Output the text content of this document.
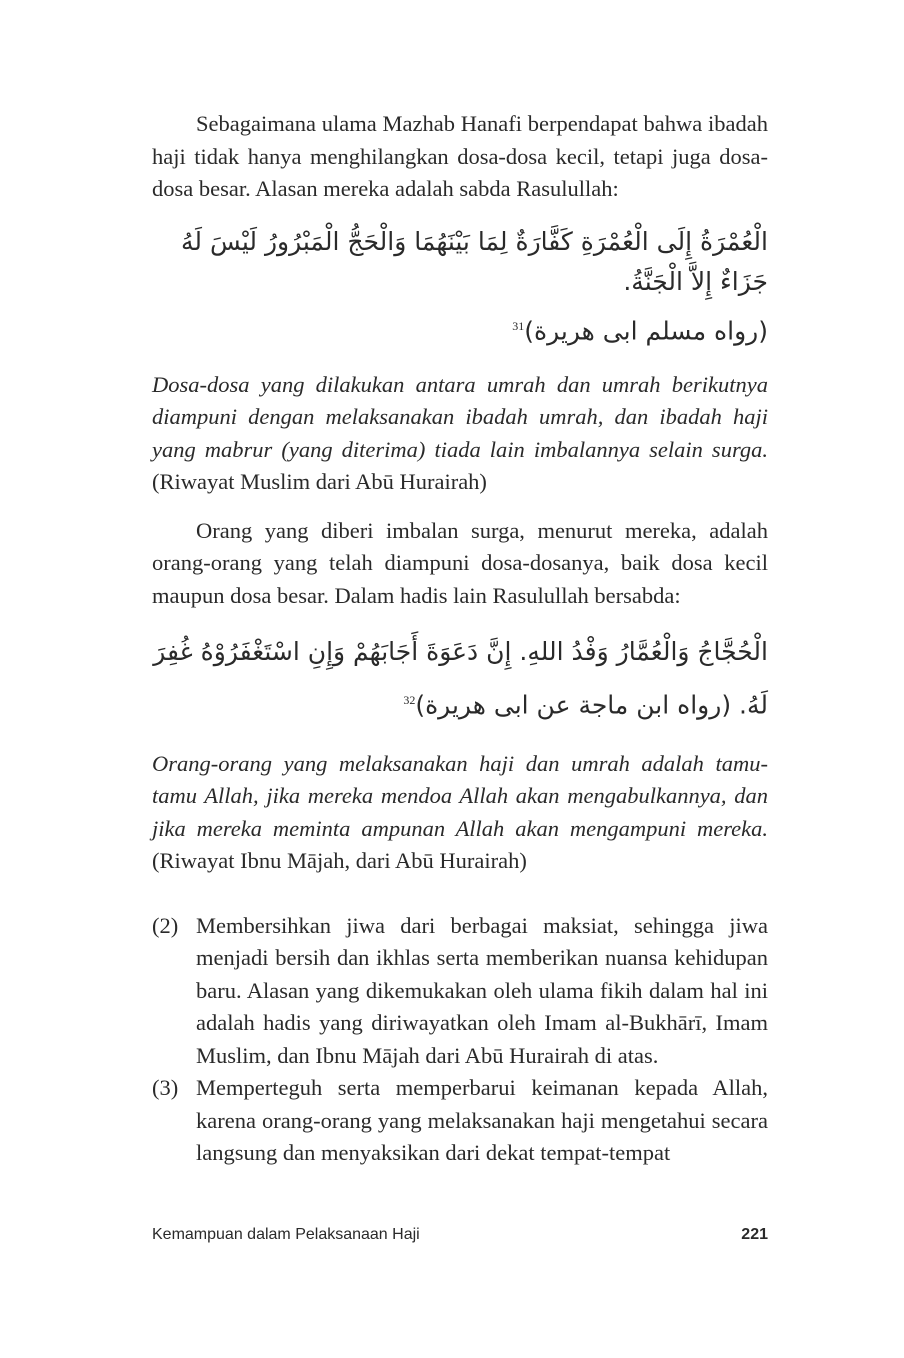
Sebagaimana ulama Mazhab Hanafi berpendapat bahwa ibadah haji tidak hanya menghilangkan dosa-dosa kecil, tetapi juga dosa-dosa besar. Alasan mereka adalah sabda Rasulullah:

الْعُمْرَةُ إِلَى الْعُمْرَةِ كَفَّارَةٌ لِمَا بَيْنَهُمَا وَالْحَجُّ الْمَبْرُورُ لَيْسَ لَهُ جَزَاءٌ إِلاَّ الْجَنَّةُ.

(رواه مسلم ابى هريرة)$^{31}$

Dosa-dosa yang dilakukan antara umrah dan umrah berikutnya diampuni dengan melaksanakan ibadah umrah, dan ibadah haji yang mabrur (yang diterima) tiada lain imbalannya selain surga. (Riwayat Muslim dari Abū Hurairah)

Orang yang diberi imbalan surga, menurut mereka, adalah orang-orang yang telah diampuni dosa-dosanya, baik dosa kecil maupun dosa besar. Dalam hadis lain Rasulullah bersabda:

الْحُجَّاجُ وَالْعُمَّارُ وَفْدُ اللهِ. إِنَّ دَعَوَةَ أَجَابَهُمْ وَإِنِ اسْتَغْفَرُوْهُ غُفِرَ لَهُ. (رواه ابن ماجة عن ابى هريرة)$^{32}$

Orang-orang yang melaksanakan haji dan umrah adalah tamu-tamu Allah, jika mereka mendoa Allah akan mengabulkannya, dan jika mereka meminta ampunan Allah akan mengampuni mereka. (Riwayat Ibnu Mājah, dari Abū Hurairah)

(2) Membersihkan jiwa dari berbagai maksiat, sehingga jiwa menjadi bersih dan ikhlas serta memberikan nuansa kehidupan baru. Alasan yang dikemukakan oleh ulama fikih dalam hal ini adalah hadis yang diriwayatkan oleh Imam al-Bukhārī, Imam Muslim, dan Ibnu Mājah dari Abū Hurairah di atas.
(3) Memperteguh serta memperbarui keimanan kepada Allah, karena orang-orang yang melaksanakan haji mengetahui secara langsung dan menyaksikan dari dekat tempat-tempat
Kemampuan dalam Pelaksanaan Haji	221
